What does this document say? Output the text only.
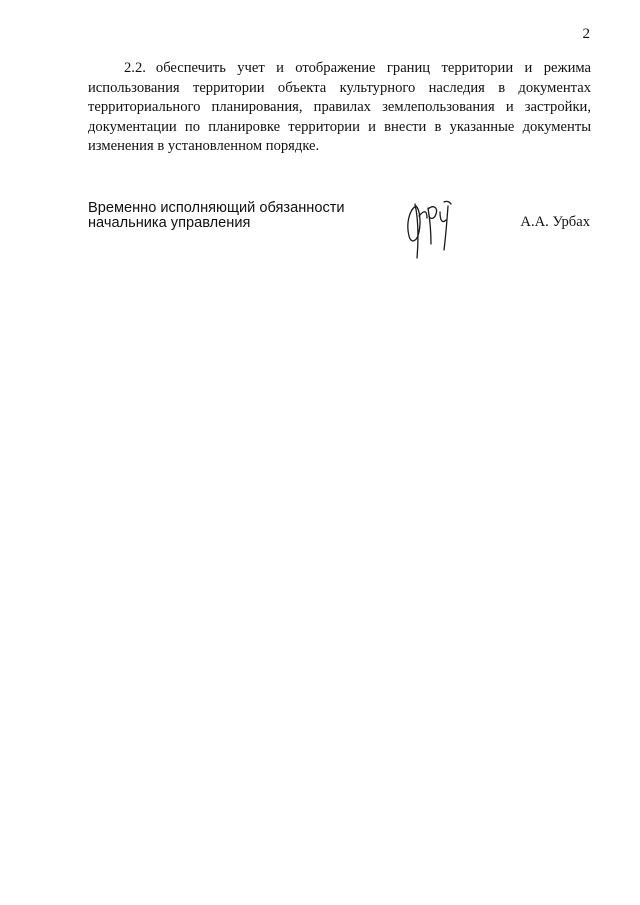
2

2.2. обеспечить учет и отображение границ территории и режима использования территории объекта культурного наследия в документах территориального планирования, правилах землепользования и застройки, документации по планировке территории и внести в указанные документы изменения в установленном порядке.

Временно исполняющий обязанности
начальника управления	А.А. Урбах
